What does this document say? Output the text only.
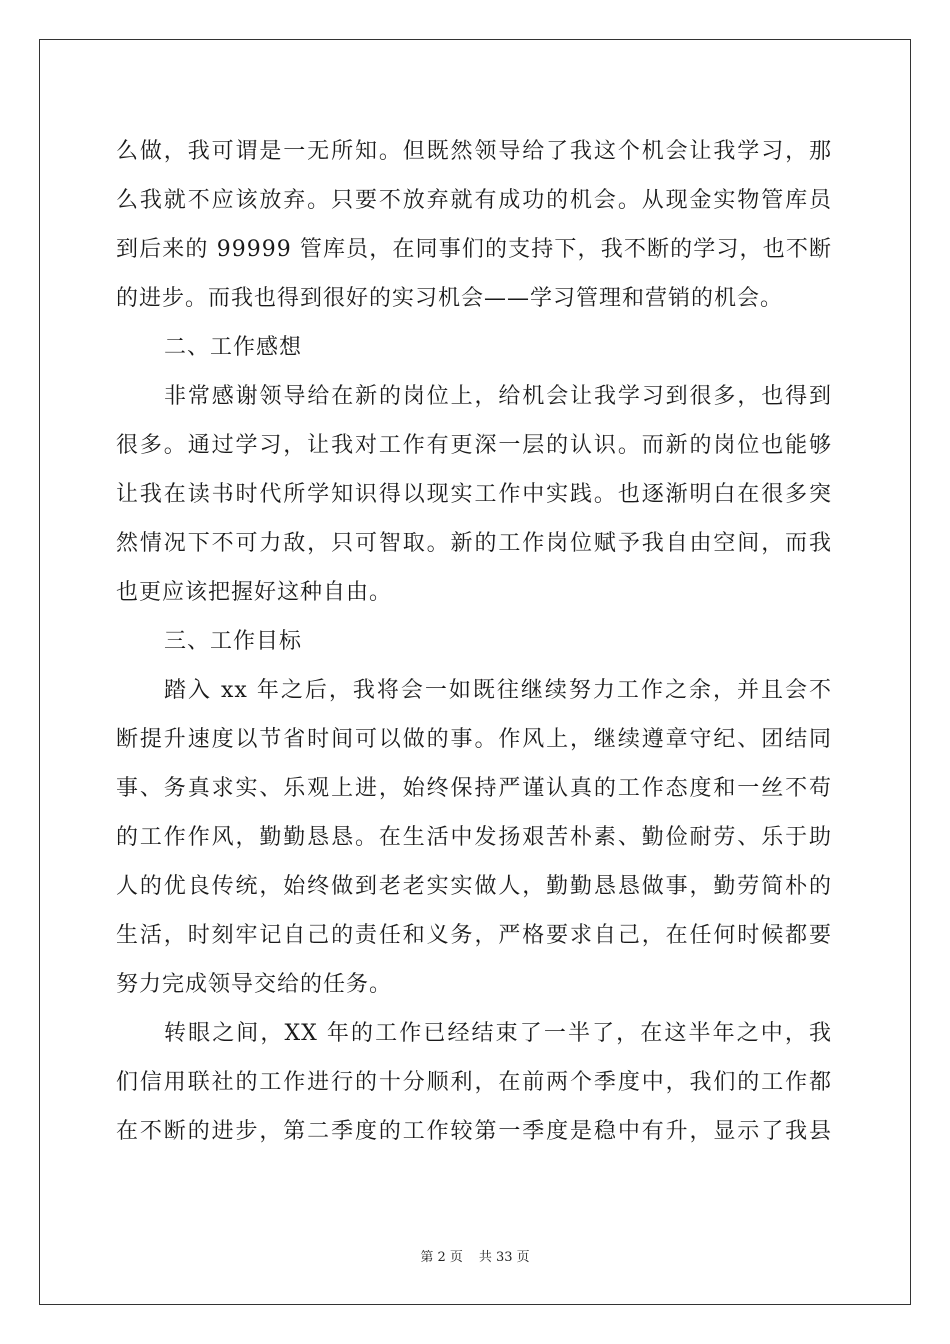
么做，我可谓是一无所知。但既然领导给了我这个机会让我学习，那
么我就不应该放弃。只要不放弃就有成功的机会。从现金实物管库员
到后来的 99999 管库员，在同事们的支持下，我不断的学习，也不断
的进步。而我也得到很好的实习机会——学习管理和营销的机会。
二、工作感想
非常感谢领导给在新的岗位上，给机会让我学习到很多，也得到
很多。通过学习，让我对工作有更深一层的认识。而新的岗位也能够
让我在读书时代所学知识得以现实工作中实践。也逐渐明白在很多突
然情况下不可力敌，只可智取。新的工作岗位赋予我自由空间，而我
也更应该把握好这种自由。
三、工作目标
踏入 xx 年之后，我将会一如既往继续努力工作之余，并且会不
断提升速度以节省时间可以做的事。作风上，继续遵章守纪、团结同
事、务真求实、乐观上进，始终保持严谨认真的工作态度和一丝不苟
的工作作风，勤勤恳恳。在生活中发扬艰苦朴素、勤俭耐劳、乐于助
人的优良传统，始终做到老老实实做人，勤勤恳恳做事，勤劳简朴的
生活，时刻牢记自己的责任和义务，严格要求自己，在任何时候都要
努力完成领导交给的任务。
转眼之间，XX 年的工作已经结束了一半了，在这半年之中，我
们信用联社的工作进行的十分顺利，在前两个季度中，我们的工作都
在不断的进步，第二季度的工作较第一季度是稳中有升，显示了我县
第 2 页 共 33 页
